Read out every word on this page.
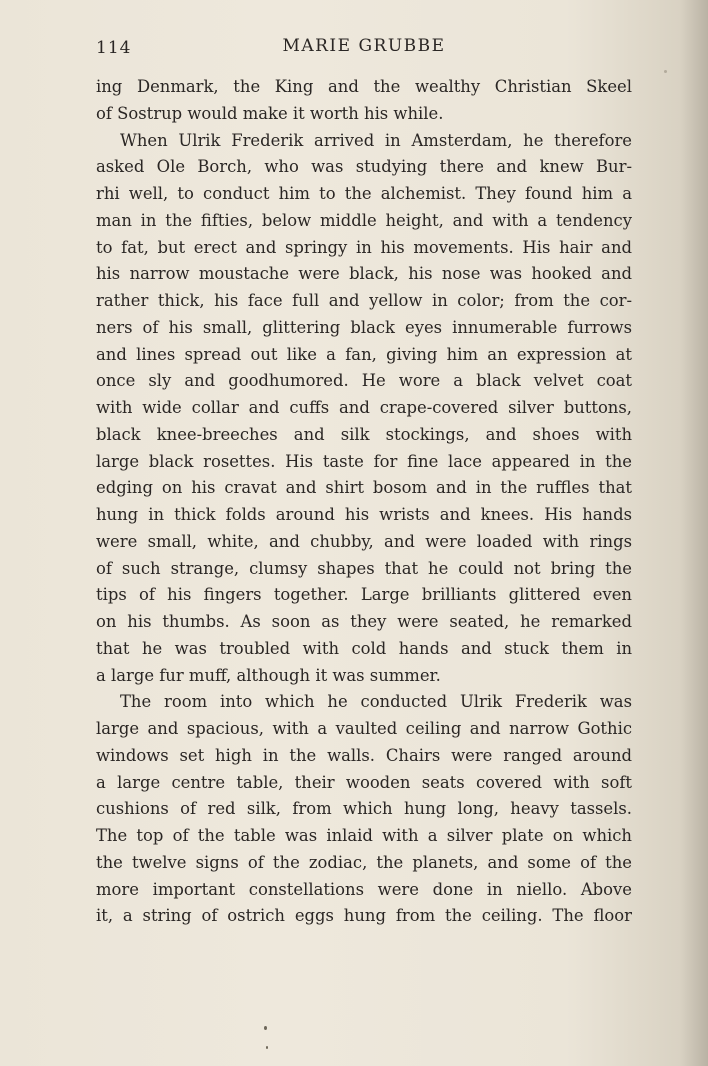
114	MARIE GRUBBE
ing Denmark, the King and the wealthy Christian Skeel
of Sostrup would make it worth his while.
When Ulrik Frederik arrived in Amsterdam, he therefore
asked Ole Borch, who was studying there and knew Bur-
rhi well, to conduct him to the alchemist. They found him a
man in the fifties, below middle height, and with a tendency
to fat, but erect and springy in his movements. His hair and
his narrow moustache were black, his nose was hooked and
rather thick, his face full and yellow in color; from the cor-
ners of his small, glittering black eyes innumerable furrows
and lines spread out like a fan, giving him an expression at
once sly and goodhumored. He wore a black velvet coat
with wide collar and cuffs and crape-covered silver buttons,
black knee-breeches and silk stockings, and shoes with
large black rosettes. His taste for fine lace appeared in the
edging on his cravat and shirt bosom and in the ruffles that
hung in thick folds around his wrists and knees. His hands
were small, white, and chubby, and were loaded with rings
of such strange, clumsy shapes that he could not bring the
tips of his fingers together. Large brilliants glittered even
on his thumbs. As soon as they were seated, he remarked
that he was troubled with cold hands and stuck them in
a large fur muff, although it was summer.
The room into which he conducted Ulrik Frederik was
large and spacious, with a vaulted ceiling and narrow Gothic
windows set high in the walls. Chairs were ranged around
a large centre table, their wooden seats covered with soft
cushions of red silk, from which hung long, heavy tassels.
The top of the table was inlaid with a silver plate on which
the twelve signs of the zodiac, the planets, and some of the
more important constellations were done in niello. Above
it, a string of ostrich eggs hung from the ceiling. The floor
